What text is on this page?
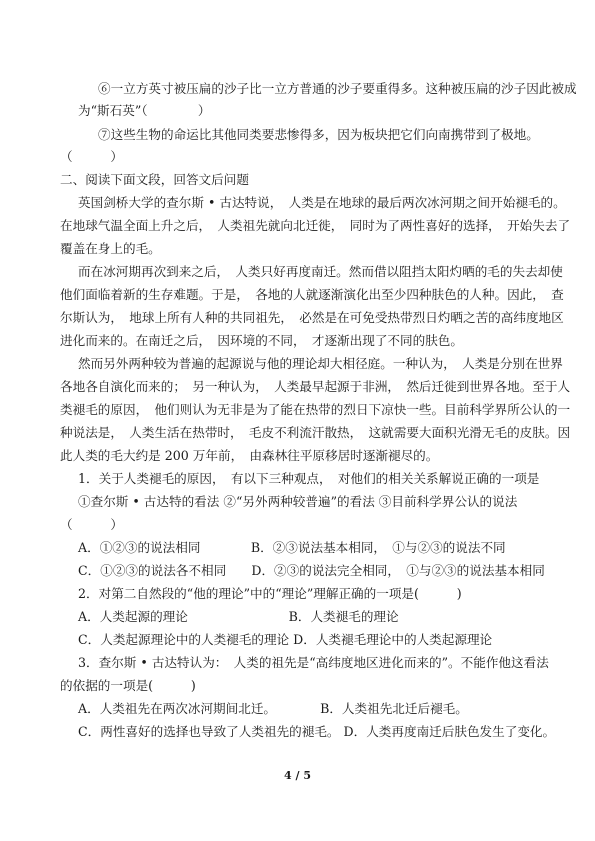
⑥一立方英寸被压扁的沙子比一立方普通的沙子要重得多。这种被压扁的沙子因此被成
为“斯石英”（　　　　）
⑦这些生物的命运比其他同类要悲惨得多，因为板块把它们向南携带到了极地。
（　　　）
二、阅读下面文段，回答文后问题
英国剑桥大学的查尔斯 • 古达特说，　人类是在地球的最后两次冰河期之间开始褪毛的。
在地球气温全面上升之后，　人类祖先就向北迁徙，　同时为了两性喜好的选择，　开始失去了
覆盖在身上的毛。
而在冰河期再次到来之后，　人类只好再度南迁。然而借以阻挡太阳灼晒的毛的失去却使
他们面临着新的生存难题。于是，　各地的人就逐渐演化出至少四种肤色的人种。因此，　查
尔斯认为，　地球上所有人种的共同祖先，　必然是在可免受热带烈日灼晒之苦的高纬度地区
进化而来的。在南迁之后，　因环境的不同，　才逐渐出现了不同的肤色。
然而另外两种较为普遍的起源说与他的理论却大相径庭。一种认为，　人类是分别在世界
各地各自演化而来的；　另一种认为，　人类最早起源于非洲，　然后迁徙到世界各地。至于人
类褪毛的原因，　他们则认为无非是为了能在热带的烈日下凉快一些。目前科学界所公认的一
种说法是，　人类生活在热带时，　毛皮不利流汗散热，　这就需要大面积光滑无毛的皮肤。因
此人类的毛大约是 200 万年前，　由森林往平原移居时逐渐褪尽的。
1．关于人类褪毛的原因，　有以下三种观点，　对他们的相关关系解说正确的一项是
①查尔斯 • 古达特的看法 ②“另外两种较普遍”的看法 ③目前科学界公认的说法
（　　　）
A．①②③的说法相同　　　　B．②③说法基本相同，　①与②③的说法不同
C．①②③的说法各不相同　　D．②③的说法完全相同，　①与②③的说法基本相同
2．对第二自然段的“他的理论”中的“理论”理解正确的一项是(　　　)
A．人类起源的理论　　　　　　　　B．人类褪毛的理论
C．人类起源理论中的人类褪毛的理论 D．人类褪毛理论中的人类起源理论
3．查尔斯 • 古达特认为：　人类的祖先是“高纬度地区进化而来的”。不能作他这看法
的依据的一项是(　　　)
A．人类祖先在两次冰河期间北迁。　　　　B．人类祖先北迁后褪毛。
C．两性喜好的选择也导致了人类祖先的褪毛。 D．人类再度南迁后肤色发生了变化。
4 / 5
